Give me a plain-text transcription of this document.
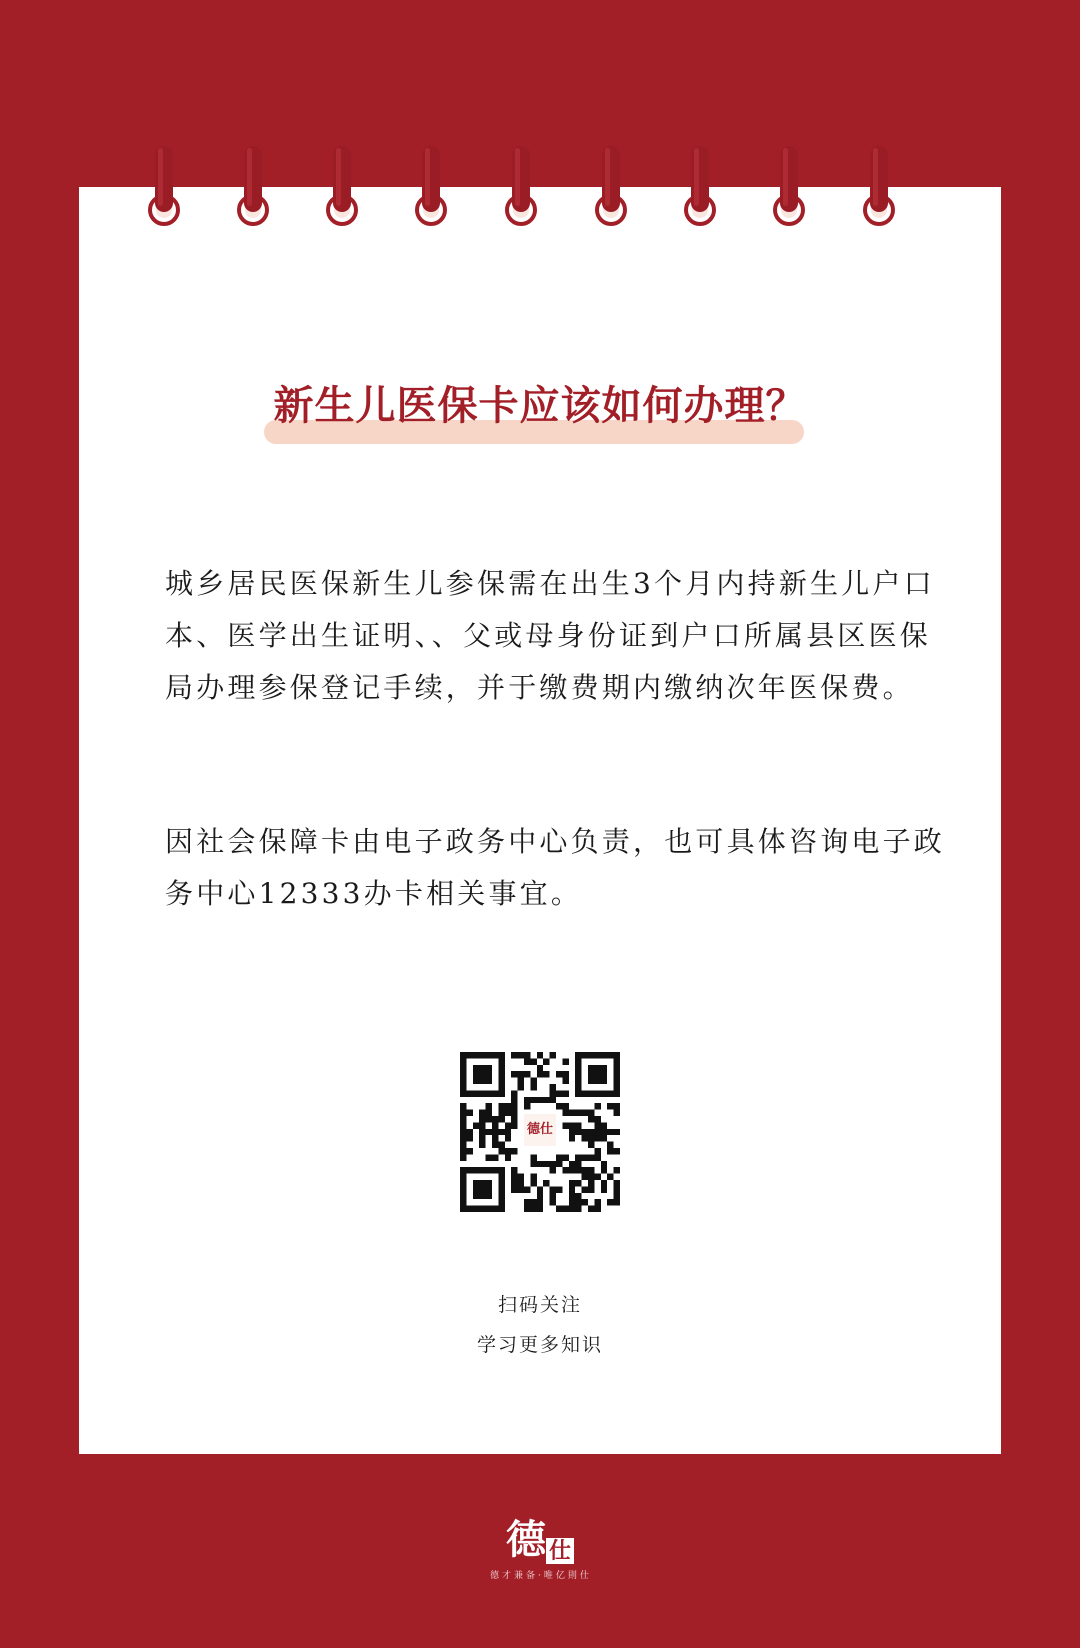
新生儿医保卡应该如何办理？

城乡居民医保新生儿参保需在出生3个月内持新生儿户口本、医学出生证明、、父或母身份证到户口所属县区医保局办理参保登记手续，并于缴费期内缴纳次年医保费。

因社会保障卡由电子政务中心负责，也可具体咨询电子政务中心12333办卡相关事宜。

德仕
扫码关注
学习更多知识
德 仕
德才兼备·唯亿則仕
